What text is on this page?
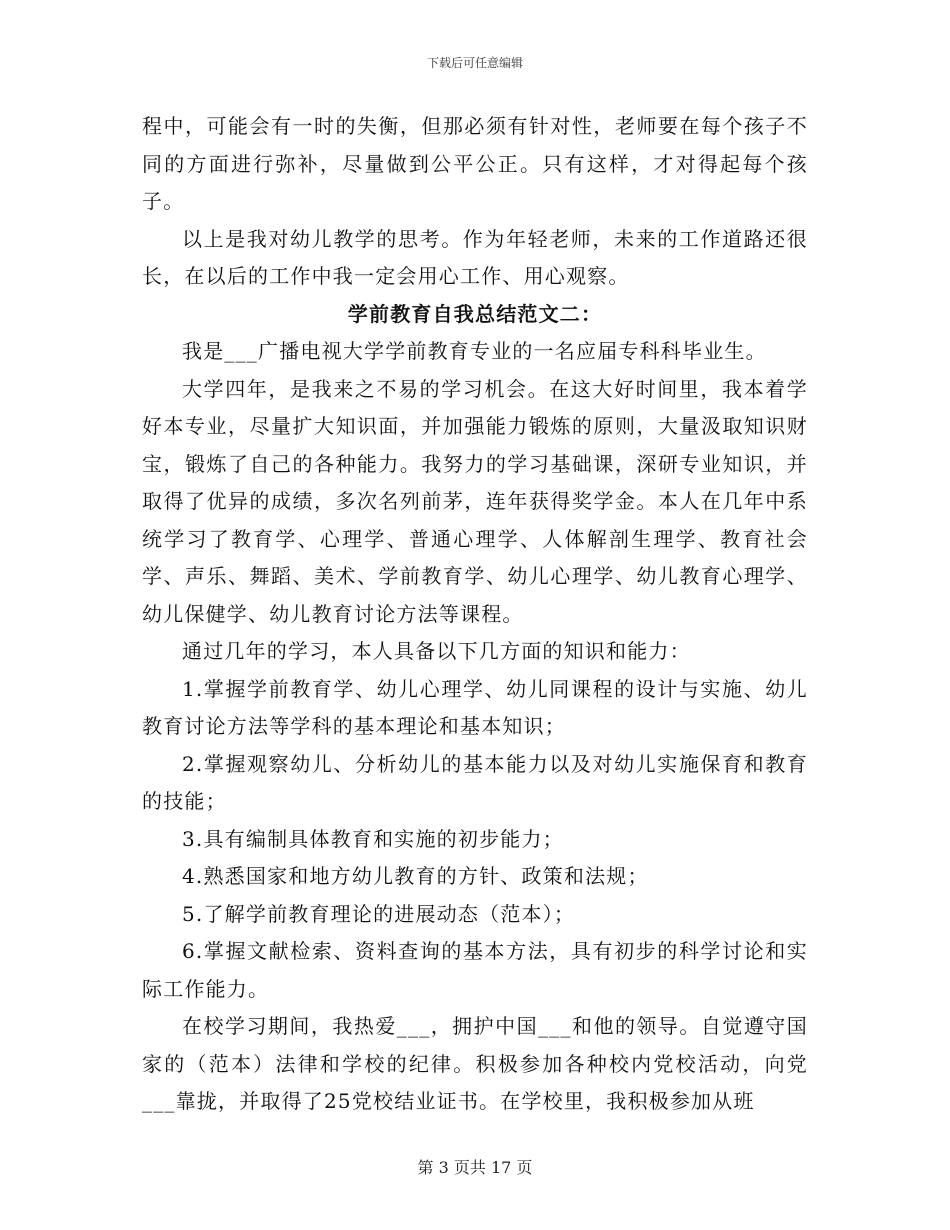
下载后可任意编辑

程中，可能会有一时的失衡，但那必须有针对性，老师要在每个孩子不同的方面进行弥补，尽量做到公平公正。只有这样，才对得起每个孩子。

以上是我对幼儿教学的思考。作为年轻老师，未来的工作道路还很长，在以后的工作中我一定会用心工作、用心观察。

学前教育自我总结范文二：

我是___广播电视大学学前教育专业的一名应届专科科毕业生。

大学四年，是我来之不易的学习机会。在这大好时间里，我本着学好本专业，尽量扩大知识面，并加强能力锻炼的原则，大量汲取知识财宝，锻炼了自己的各种能力。我努力的学习基础课，深研专业知识，并取得了优异的成绩，多次名列前茅，连年获得奖学金。本人在几年中系统学习了教育学、心理学、普通心理学、人体解剖生理学、教育社会学、声乐、舞蹈、美术、学前教育学、幼儿心理学、幼儿教育心理学、幼儿保健学、幼儿教育讨论方法等课程。

通过几年的学习，本人具备以下几方面的知识和能力：

1.掌握学前教育学、幼儿心理学、幼儿同课程的设计与实施、幼儿教育讨论方法等学科的基本理论和基本知识；

2.掌握观察幼儿、分析幼儿的基本能力以及对幼儿实施保育和教育的技能；

3.具有编制具体教育和实施的初步能力；

4.熟悉国家和地方幼儿教育的方针、政策和法规；

5.了解学前教育理论的进展动态（范本）；

6.掌握文献检索、资料查询的基本方法，具有初步的科学讨论和实际工作能力。

在校学习期间，我热爱___，拥护中国___和他的领导。自觉遵守国家的（范本）法律和学校的纪律。积极参加各种校内党校活动，向党___靠拢，并取得了25党校结业证书。在学校里，我积极参加从班

第 3 页共 17 页
